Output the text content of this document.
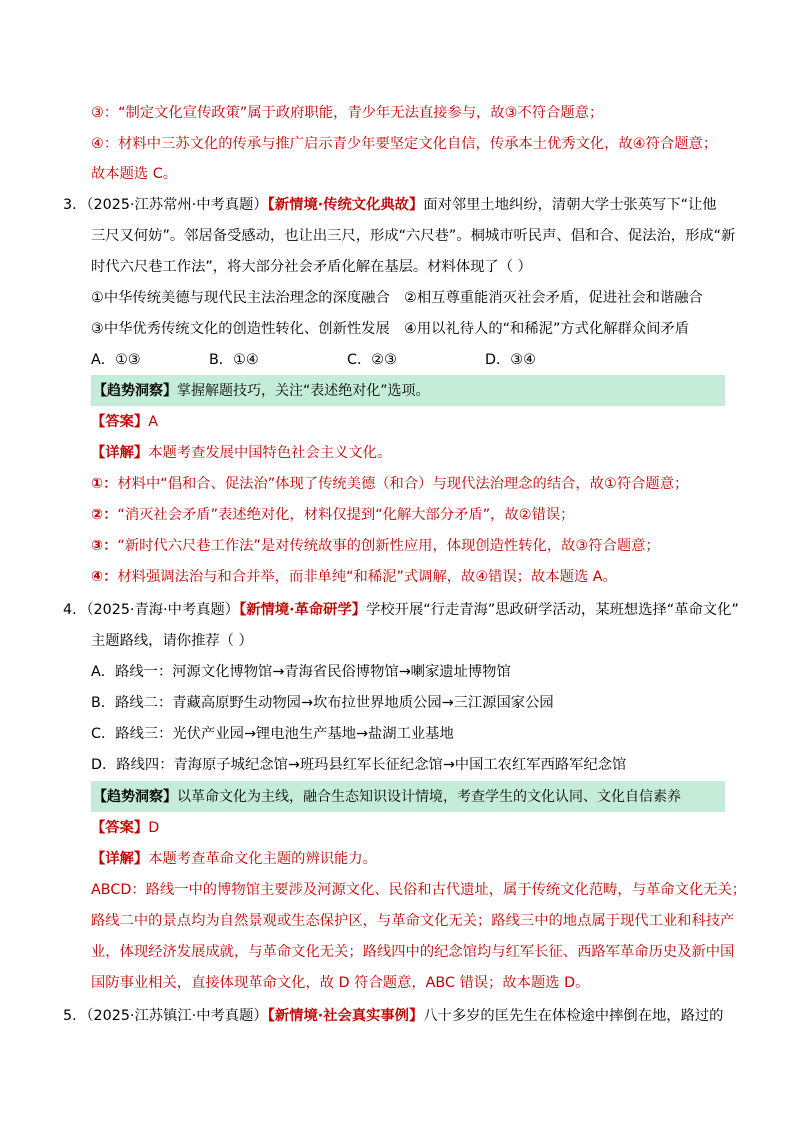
③：“制定文化宣传政策”属于政府职能，青少年无法直接参与，故③不符合题意；
④：材料中三苏文化的传承与推广启示青少年要坚定文化自信，传承本土优秀文化，故④符合题意；
故本题选 C。
3．（2025·江苏常州·中考真题）【新情境·传统文化典故】面对邻里土地纠纷，清朝大学士张英写下“让他
三尺又何妨”。邻居备受感动，也让出三尺，形成“六尺巷”。桐城市听民声、倡和合、促法治，形成“新
时代六尺巷工作法”，将大部分社会矛盾化解在基层。材料体现了（ ）
①中华传统美德与现代民主法治理念的深度融合　②相互尊重能消灭社会矛盾，促进社会和谐融合
③中华优秀传统文化的创造性转化、创新性发展　④用以礼待人的“和稀泥”方式化解群众间矛盾
A．①③	B．①④	C．②③	D．③④
【趋势洞察】掌握解题技巧，关注“表述绝对化”选项。
【答案】A
【详解】本题考查发展中国特色社会主义文化。
①：材料中“倡和合、促法治”体现了传统美德（和合）与现代法治理念的结合，故①符合题意；
②：“消灭社会矛盾”表述绝对化，材料仅提到“化解大部分矛盾”，故②错误；
③：“新时代六尺巷工作法”是对传统故事的创新性应用，体现创造性转化，故③符合题意；
④：材料强调法治与和合并举，而非单纯“和稀泥”式调解，故④错误；故本题选 A。
4．（2025·青海·中考真题）【新情境·革命研学】学校开展“行走青海”思政研学活动，某班想选择“革命文化”
主题路线，请你推荐（ ）
A．路线一：河源文化博物馆→青海省民俗博物馆→喇家遗址博物馆
B．路线二：青藏高原野生动物园→坎布拉世界地质公园→三江源国家公园
C．路线三：光伏产业园→锂电池生产基地→盐湖工业基地
D．路线四：青海原子城纪念馆→班玛县红军长征纪念馆→中国工农红军西路军纪念馆
【趋势洞察】以革命文化为主线，融合生态知识设计情境，考查学生的文化认同、文化自信素养
【答案】D
【详解】本题考查革命文化主题的辨识能力。
ABCD：路线一中的博物馆主要涉及河源文化、民俗和古代遗址，属于传统文化范畴，与革命文化无关；
路线二中的景点均为自然景观或生态保护区，与革命文化无关；路线三中的地点属于现代工业和科技产
业，体现经济发展成就，与革命文化无关；路线四中的纪念馆均与红军长征、西路军革命历史及新中国
国防事业相关，直接体现革命文化，故 D 符合题意，ABC 错误；故本题选 D。
5．（2025·江苏镇江·中考真题）【新情境·社会真实事例】八十多岁的匡先生在体检途中摔倒在地，路过的
